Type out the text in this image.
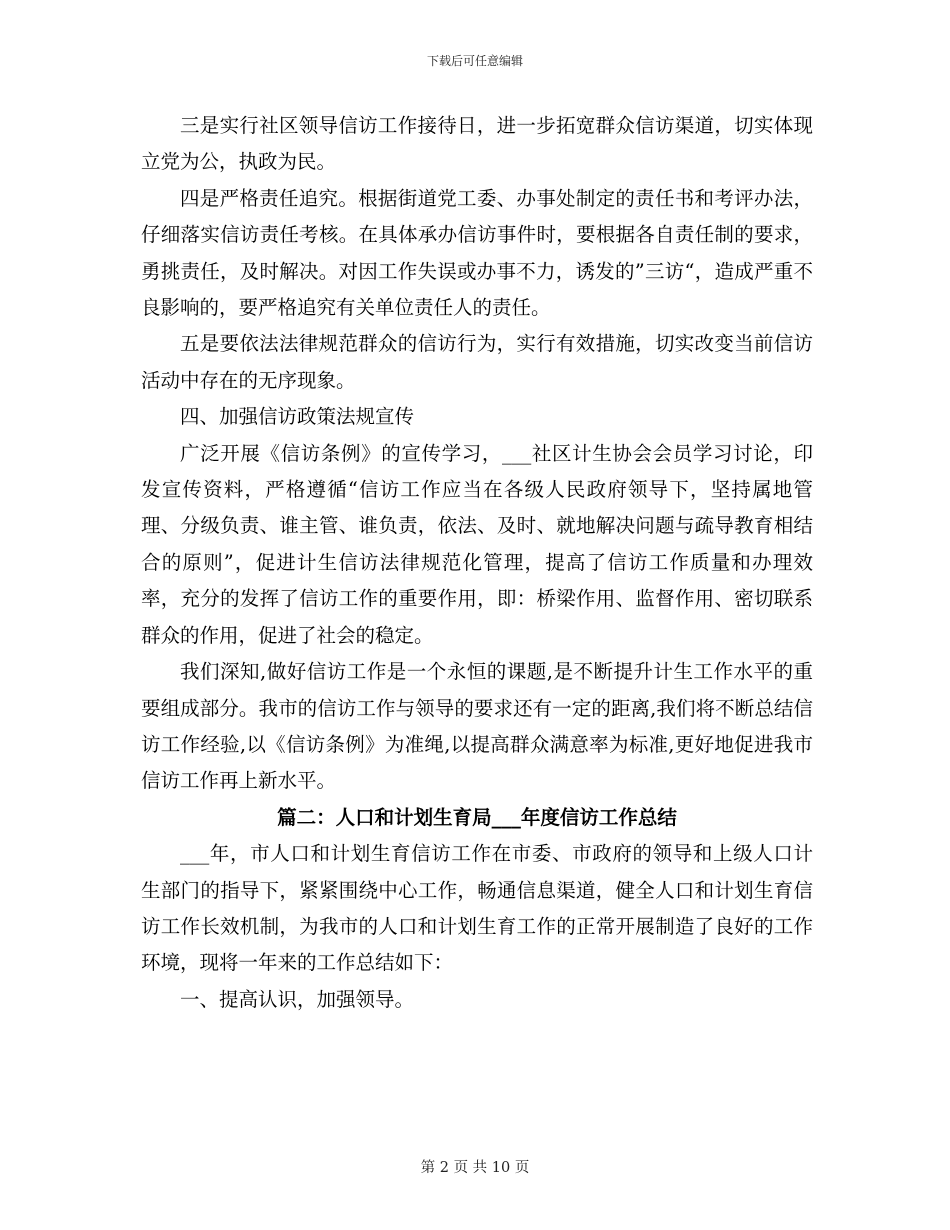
下载后可任意编辑

三是实行社区领导信访工作接待日，进一步拓宽群众信访渠道，切实体现立党为公，执政为民。

四是严格责任追究。根据街道党工委、办事处制定的责任书和考评办法，仔细落实信访责任考核。在具体承办信访事件时，要根据各自责任制的要求，勇挑责任，及时解决。对因工作失误或办事不力，诱发的”三访“，造成严重不良影响的，要严格追究有关单位责任人的责任。

五是要依法法律规范群众的信访行为，实行有效措施，切实改变当前信访活动中存在的无序现象。

四、加强信访政策法规宣传

广泛开展《信访条例》的宣传学习，___社区计生协会会员学习讨论，印发宣传资料，严格遵循“信访工作应当在各级人民政府领导下，坚持属地管理、分级负责、谁主管、谁负责，依法、及时、就地解决问题与疏导教育相结合的原则”，促进计生信访法律规范化管理，提高了信访工作质量和办理效率，充分的发挥了信访工作的重要作用，即：桥梁作用、监督作用、密切联系群众的作用，促进了社会的稳定。

我们深知,做好信访工作是一个永恒的课题,是不断提升计生工作水平的重要组成部分。我市的信访工作与领导的要求还有一定的距离,我们将不断总结信访工作经验,以《信访条例》为准绳,以提高群众满意率为标准,更好地促进我市信访工作再上新水平。

篇二：人口和计划生育局___年度信访工作总结

___年，市人口和计划生育信访工作在市委、市政府的领导和上级人口计生部门的指导下，紧紧围绕中心工作，畅通信息渠道，健全人口和计划生育信访工作长效机制，为我市的人口和计划生育工作的正常开展制造了良好的工作环境，现将一年来的工作总结如下：

一、提高认识，加强领导。

第 2 页 共 10 页
